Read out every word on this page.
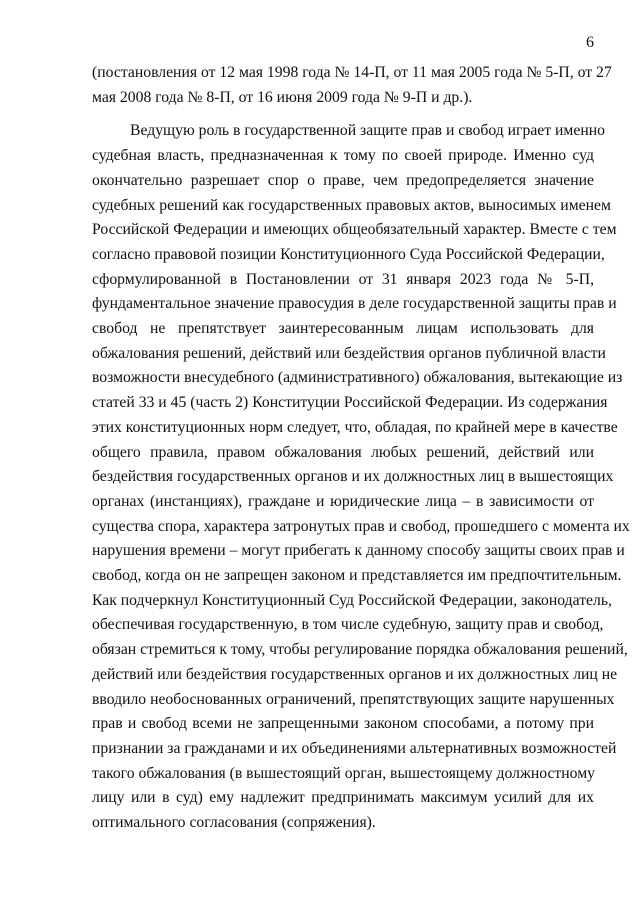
6
(постановления от 12 мая 1998 года № 14-П, от 11 мая 2005 года № 5-П, от 27
мая 2008 года № 8-П, от 16 июня 2009 года № 9-П и др.).
Ведущую роль в государственной защите прав и свобод играет именно
судебная власть, предназначенная к тому по своей природе. Именно суд
окончательно разрешает спор о праве, чем предопределяется значение
судебных решений как государственных правовых актов, выносимых именем
Российской Федерации и имеющих общеобязательный характер. Вместе с тем
согласно правовой позиции Конституционного Суда Российской Федерации,
сформулированной в Постановлении от 31 января 2023 года № 5-П,
фундаментальное значение правосудия в деле государственной защиты прав и
свобод не препятствует заинтересованным лицам использовать для
обжалования решений, действий или бездействия органов публичной власти
возможности внесудебного (административного) обжалования, вытекающие из
статей 33 и 45 (часть 2) Конституции Российской Федерации. Из содержания
этих конституционных норм следует, что, обладая, по крайней мере в качестве
общего правила, правом обжалования любых решений, действий или
бездействия государственных органов и их должностных лиц в вышестоящих
органах (инстанциях), граждане и юридические лица – в зависимости от
существа спора, характера затронутых прав и свобод, прошедшего с момента их
нарушения времени – могут прибегать к данному способу защиты своих прав и
свобод, когда он не запрещен законом и представляется им предпочтительным.
Как подчеркнул Конституционный Суд Российской Федерации, законодатель,
обеспечивая государственную, в том числе судебную, защиту прав и свобод,
обязан стремиться к тому, чтобы регулирование порядка обжалования решений,
действий или бездействия государственных органов и их должностных лиц не
вводило необоснованных ограничений, препятствующих защите нарушенных
прав и свобод всеми не запрещенными законом способами, а потому при
признании за гражданами и их объединениями альтернативных возможностей
такого обжалования (в вышестоящий орган, вышестоящему должностному
лицу или в суд) ему надлежит предпринимать максимум усилий для их
оптимального согласования (сопряжения).
